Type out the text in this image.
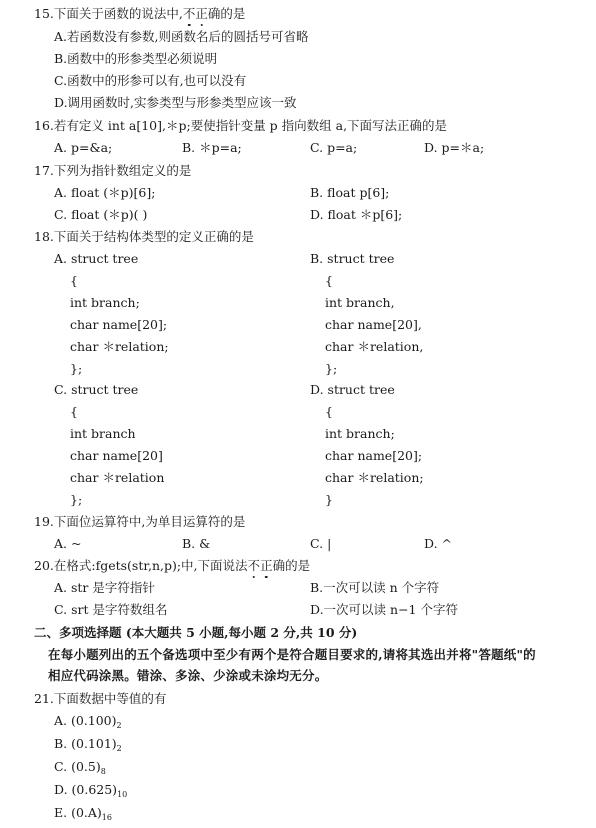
15.下面关于函数的说法中,不正确的是
A.若函数没有参数,则函数名后的圆括号可省略
B.函数中的形参类型必须说明
C.函数中的形参可以有,也可以没有
D.调用函数时,实参类型与形参类型应该一致
16.若有定义 int a[10],＊p;要使指针变量 p 指向数组 a,下面写法正确的是
A. p=&a;	B. ＊p=a;	C. p=a;	D. p=＊a;
17.下列为指针数组定义的是
A. float (＊p)[6];	B. float p[6];
C. float (＊p)( )	D. float ＊p[6];
18.下面关于结构体类型的定义正确的是
A. struct tree
{
int branch;
char name[20];
char ＊relation;
};
B. struct tree
{
int branch,
char name[20],
char ＊relation,
};
C. struct tree
{
int branch
char name[20]
char ＊relation
};
D. struct tree
{
int branch;
char name[20];
char ＊relation;
}
19.下面位运算符中,为单目运算符的是
A. ~	B. &	C. |	D. ^
20.在格式:fgets(str,n,p);中,下面说法不正确的是
A. str 是字符指针	B.一次可以读 n 个字符
C. srt 是字符数组名	D.一次可以读 n−1 个字符
二、多项选择题 (本大题共 5 小题,每小题 2 分,共 10 分)
在每小题列出的五个备选项中至少有两个是符合题目要求的,请将其选出并将"答题纸"的
相应代码涂黑。错涂、多涂、少涂或未涂均无分。
21.下面数据中等值的有
A. $(0.100)_2$
B. $(0.101)_2$
C. $(0.5)_8$
D. $(0.625)_{10}$
E. $(0.A)_{16}$
